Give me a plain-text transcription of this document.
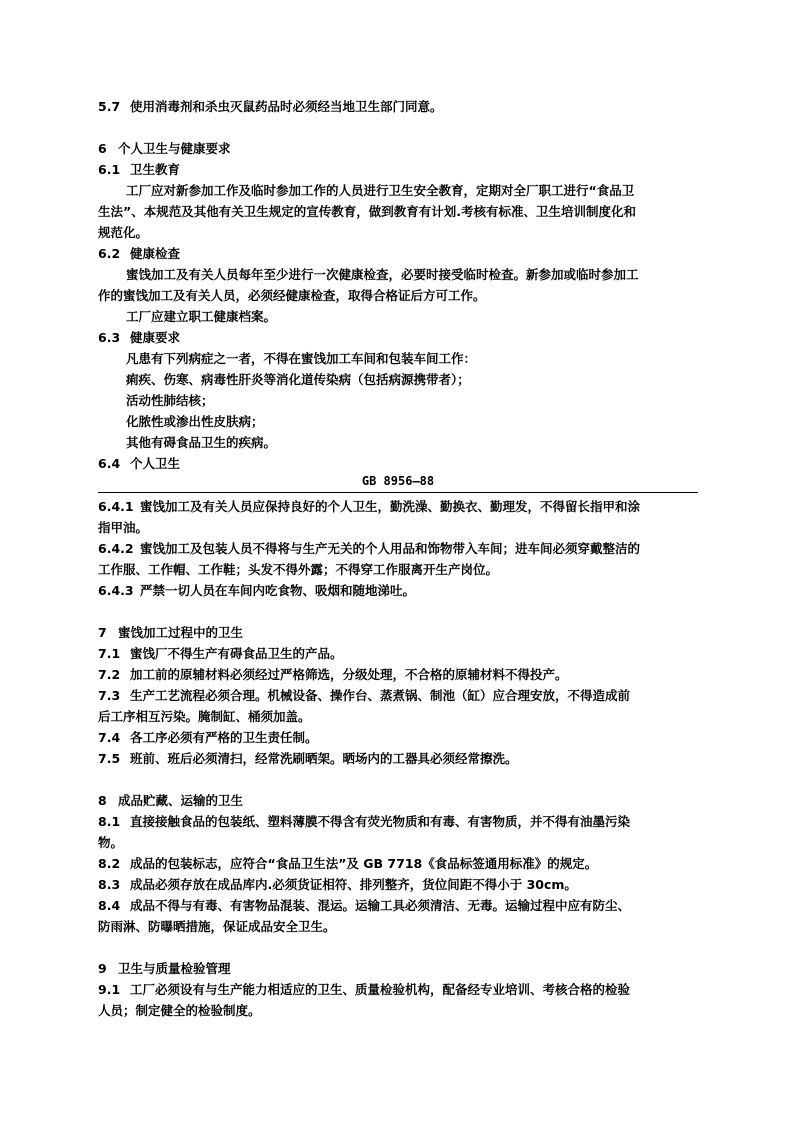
5.7 使用消毒剂和杀虫灭鼠药品时必须经当地卫生部门同意。
6 个人卫生与健康要求
6.1 卫生教育
工厂应对新参加工作及临时参加工作的人员进行卫生安全教育，定期对全厂职工进行“食品卫
生法”、本规范及其他有关卫生规定的宣传教育，做到教育有计划.考核有标准、卫生培训制度化和
规范化。
6.2 健康检查
蜜饯加工及有关人员每年至少进行一次健康检查，必要时接受临时检查。新参加或临时参加工
作的蜜饯加工及有关人员，必须经健康检查，取得合格证后方可工作。
工厂应建立职工健康档案。
6.3 健康要求
凡患有下列病症之一者，不得在蜜饯加工车间和包装车间工作：
痢疾、伤寒、病毒性肝炎等消化道传染病（包括病源携带者）；
活动性肺结核；
化脓性或渗出性皮肤病；
其他有碍食品卫生的疾病。
6.4 个人卫生
GB 8956—88
6.4.1 蜜饯加工及有关人员应保持良好的个人卫生，勤洗澡、勤换衣、勤理发，不得留长指甲和涂
指甲油。
6.4.2 蜜饯加工及包装人员不得将与生产无关的个人用品和饰物带入车间；进车间必须穿戴整洁的
工作服、工作帽、工作鞋；头发不得外露；不得穿工作服离开生产岗位。
6.4.3 严禁一切人员在车间内吃食物、吸烟和随地涕吐。
7 蜜饯加工过程中的卫生
7.1 蜜饯厂不得生产有碍食品卫生的产品。
7.2 加工前的原辅材料必须经过严格筛选，分级处理，不合格的原辅材料不得投产。
7.3 生产工艺流程必须合理。机械设备、操作台、蒸煮锅、制池（缸）应合理安放，不得造成前
后工序相互污染。腌制缸、桶须加盖。
7.4 各工序必须有严格的卫生责任制。
7.5 班前、班后必须清扫，经常洗刷晒架。晒场内的工器具必须经常擦洗。
8 成品贮藏、运输的卫生
8.1 直接接触食品的包装纸、塑料薄膜不得含有荧光物质和有毒、有害物质，并不得有油墨污染
物。
8.2 成品的包装标志，应符合“食品卫生法”及 GB 7718《食品标签通用标准》的规定。
8.3 成品必须存放在成品库内.必须货证相符、排列整齐，货位间距不得小于 30cm。
8.4 成品不得与有毒、有害物品混装、混运。运输工具必须清洁、无毒。运输过程中应有防尘、
防雨淋、防曝晒措施，保证成品安全卫生。
9 卫生与质量检验管理
9.1 工厂必须设有与生产能力相适应的卫生、质量检验机构，配备经专业培训、考核合格的检验
人员；制定健全的检验制度。
